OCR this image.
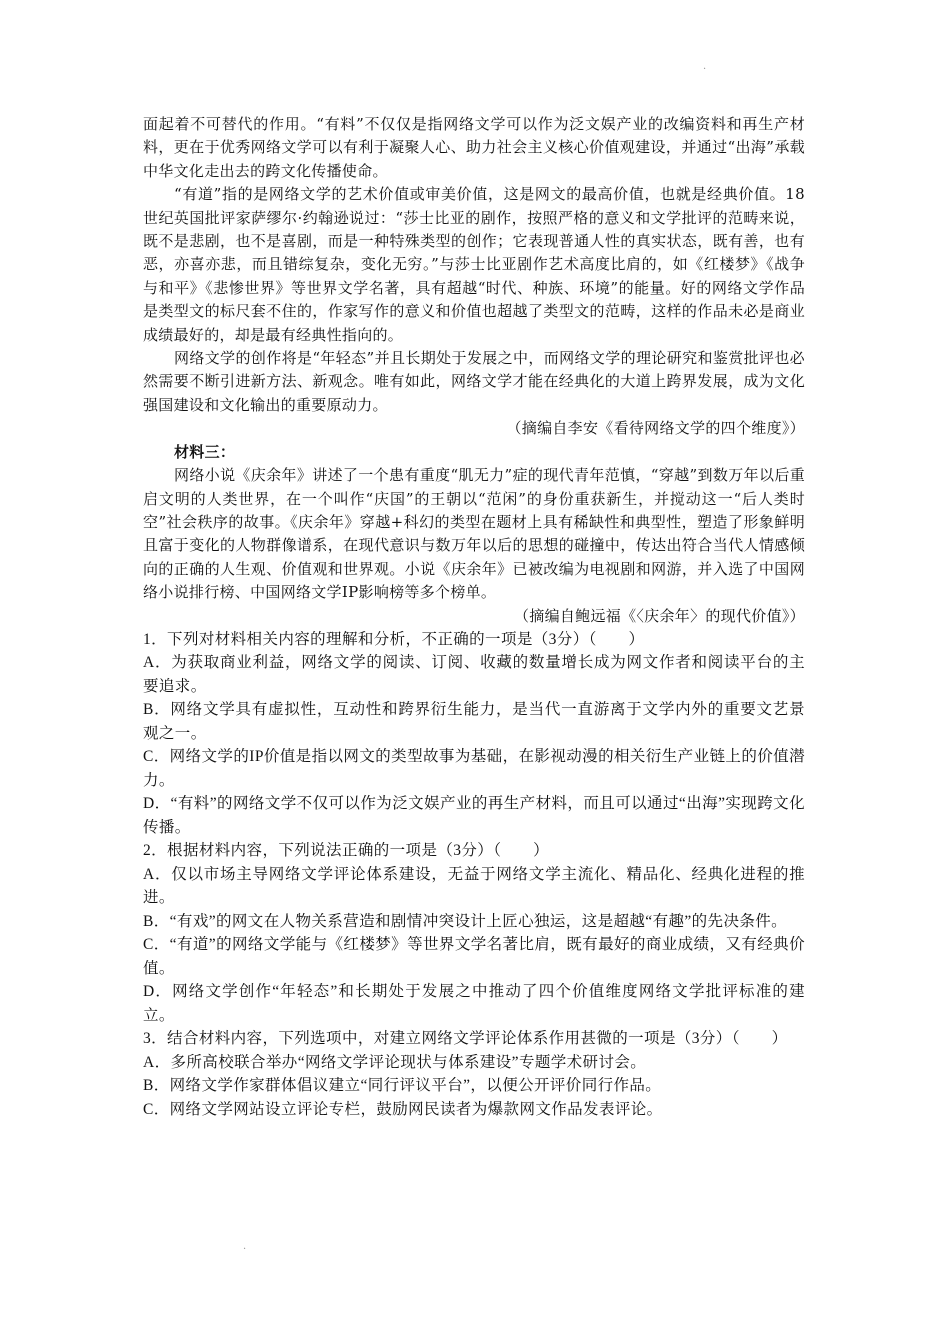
·
·

面起着不可替代的作用。“有料”不仅仅是指网络文学可以作为泛文娱产业的改编资料和再生产材料，更在于优秀网络文学可以有利于凝聚人心、助力社会主义核心价值观建设，并通过“出海”承载中华文化走出去的跨文化传播使命。

“有道”指的是网络文学的艺术价值或审美价值，这是网文的最高价值，也就是经典价值。18世纪英国批评家萨缪尔·约翰逊说过：“莎士比亚的剧作，按照严格的意义和文学批评的范畴来说，既不是悲剧，也不是喜剧，而是一种特殊类型的创作；它表现普通人性的真实状态，既有善，也有恶，亦喜亦悲，而且错综复杂，变化无穷。”与莎士比亚剧作艺术高度比肩的，如《红楼梦》《战争与和平》《悲惨世界》等世界文学名著，具有超越“时代、种族、环境”的能量。好的网络文学作品是类型文的标尺套不住的，作家写作的意义和价值也超越了类型文的范畴，这样的作品未必是商业成绩最好的，却是最有经典性指向的。

网络文学的创作将是“年轻态”并且长期处于发展之中，而网络文学的理论研究和鉴赏批评也必然需要不断引进新方法、新观念。唯有如此，网络文学才能在经典化的大道上跨界发展，成为文化强国建设和文化输出的重要原动力。

（摘编自李安《看待网络文学的四个维度》）

材料三：

网络小说《庆余年》讲述了一个患有重度“肌无力”症的现代青年范慎，“穿越”到数万年以后重启文明的人类世界，在一个叫作“庆国”的王朝以“范闲”的身份重获新生，并搅动这一“后人类时空”社会秩序的故事。《庆余年》穿越+科幻的类型在题材上具有稀缺性和典型性，塑造了形象鲜明且富于变化的人物群像谱系，在现代意识与数万年以后的思想的碰撞中，传达出符合当代人情感倾向的正确的人生观、价值观和世界观。小说《庆余年》已被改编为电视剧和网游，并入选了中国网络小说排行榜、中国网络文学IP影响榜等多个榜单。

（摘编自鲍远福《〈庆余年〉的现代价值》）

1．下列对材料相关内容的理解和分析，不正确的一项是（3分）（　　）

A．为获取商业利益，网络文学的阅读、订阅、收藏的数量增长成为网文作者和阅读平台的主要追求。

B．网络文学具有虚拟性，互动性和跨界衍生能力，是当代一直游离于文学内外的重要文艺景观之一。

C．网络文学的IP价值是指以网文的类型故事为基础，在影视动漫的相关衍生产业链上的价值潜力。

D．“有料”的网络文学不仅可以作为泛文娱产业的再生产材料，而且可以通过“出海”实现跨文化传播。

2．根据材料内容，下列说法正确的一项是（3分）（　　）

A．仅以市场主导网络文学评论体系建设，无益于网络文学主流化、精品化、经典化进程的推进。

B．“有戏”的网文在人物关系营造和剧情冲突设计上匠心独运，这是超越“有趣”的先决条件。

C．“有道”的网络文学能与《红楼梦》等世界文学名著比肩，既有最好的商业成绩，又有经典价值。

D．网络文学创作“年轻态”和长期处于发展之中推动了四个价值维度网络文学批评标准的建立。

3．结合材料内容，下列选项中，对建立网络文学评论体系作用甚微的一项是（3分）（　　）

A．多所高校联合举办“网络文学评论现状与体系建设”专题学术研讨会。

B．网络文学作家群体倡议建立“同行评议平台”，以便公开评价同行作品。

C．网络文学网站设立评论专栏，鼓励网民读者为爆款网文作品发表评论。
